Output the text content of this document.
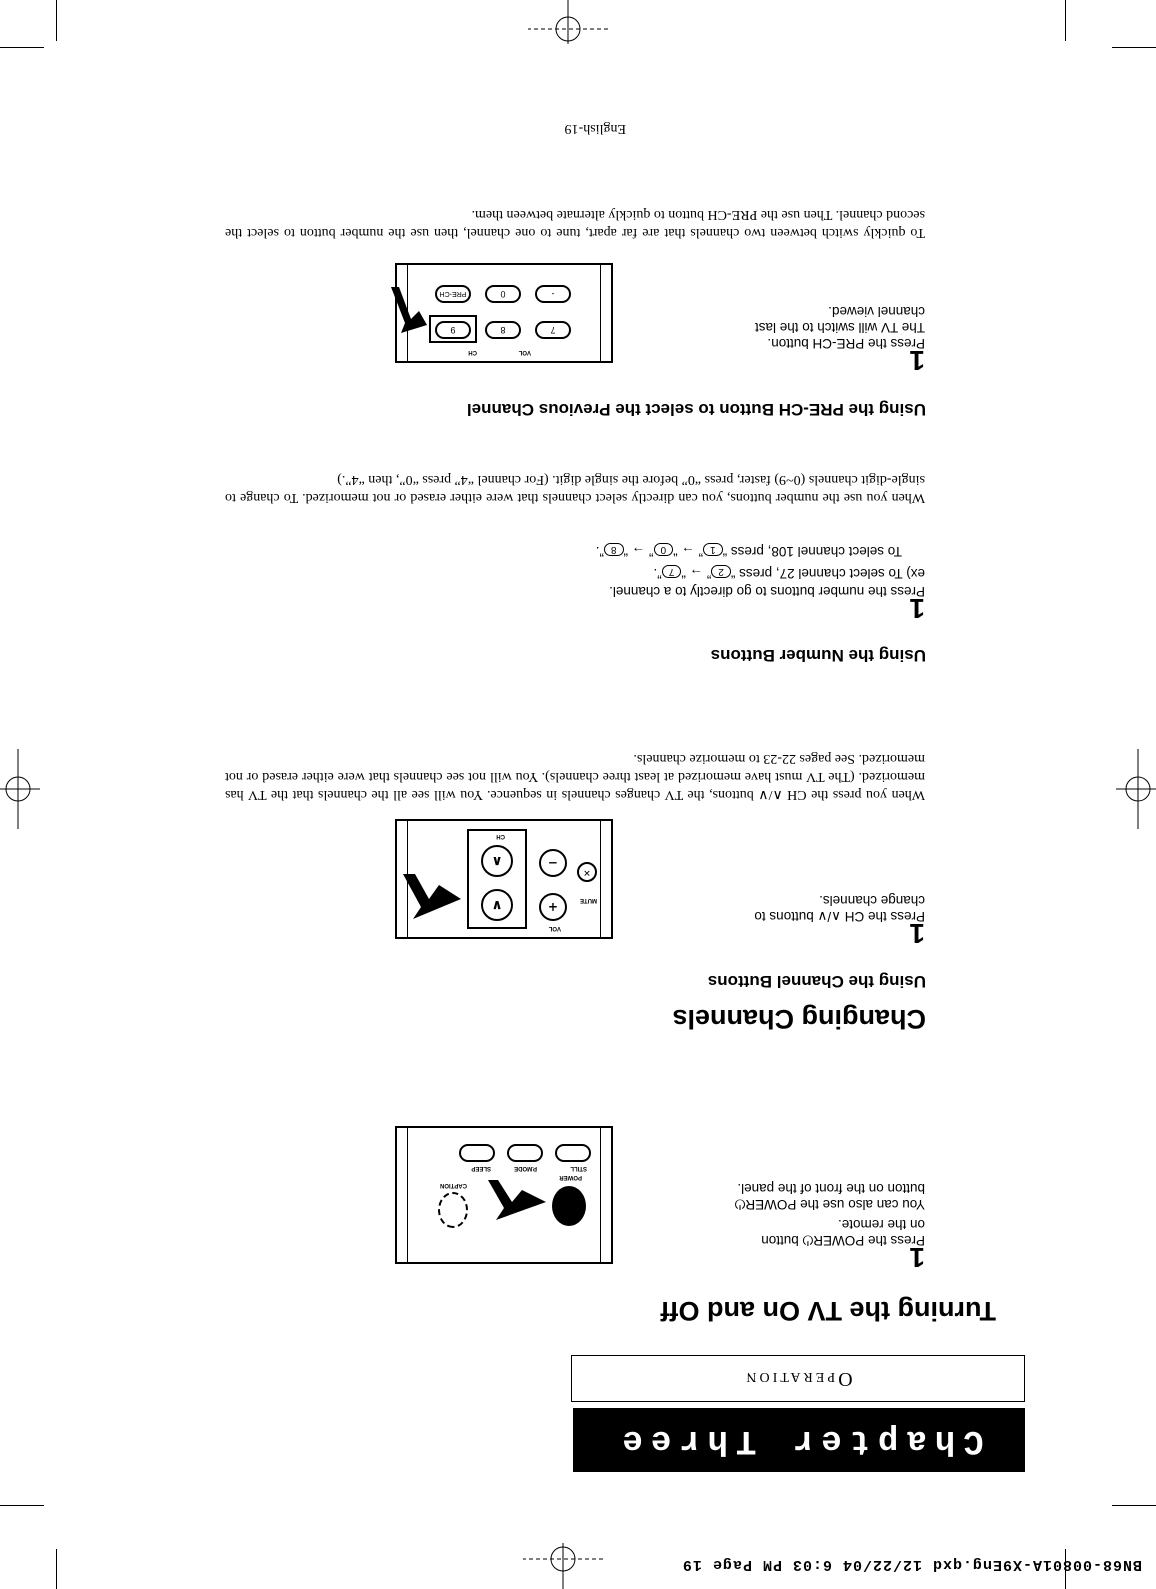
BN68-00801A-X9Eng.qxd 12/22/04 6:03 PM Page 19
Chapter Three
Operation
Turning the TV On and Off
1
Press the POWER⏻ button
on the remote.
You can also use the POWER⏻
button on the front of the panel.
POWER
CAPTION
STILL
P.MODE
SLEEP
Changing Channels
Using the Channel Buttons
1
Press the CH ∧/∨ buttons to
change channels.
∨
∧
+
−
✕
MUTE
VOL
CH
When you press the CH ∧/∨ buttons, the TV changes channels in sequence. You will see all the channels that the TV has memorized. (The TV must have memorized at least three channels). You will not see channels that were either erased or not memorized. See pages 22-23 to memorize channels.
Using the Number Buttons
1
Press the number buttons to go directly to a channel.
ex) To select channel 27, press “2” → “7”.
To select channel 108, press “1” → “0” → “8”.
When you use the number buttons, you can directly select channels that were either erased or not memorized. To change to single-digit channels (0~9) faster, press “0” before the single digit. (For channel “4” press “0”, then “4”.)
Using the PRE-CH Button to select the Previous Channel
1
Press the PRE-CH button.
The TV will switch to the last
channel viewed.
VOL
CH
7
8
9
-
0
PRE-CH
To quickly switch between two channels that are far apart, tune to one channel, then use the number button to select the second channel. Then use the PRE-CH button to quickly alternate between them.
English-19
